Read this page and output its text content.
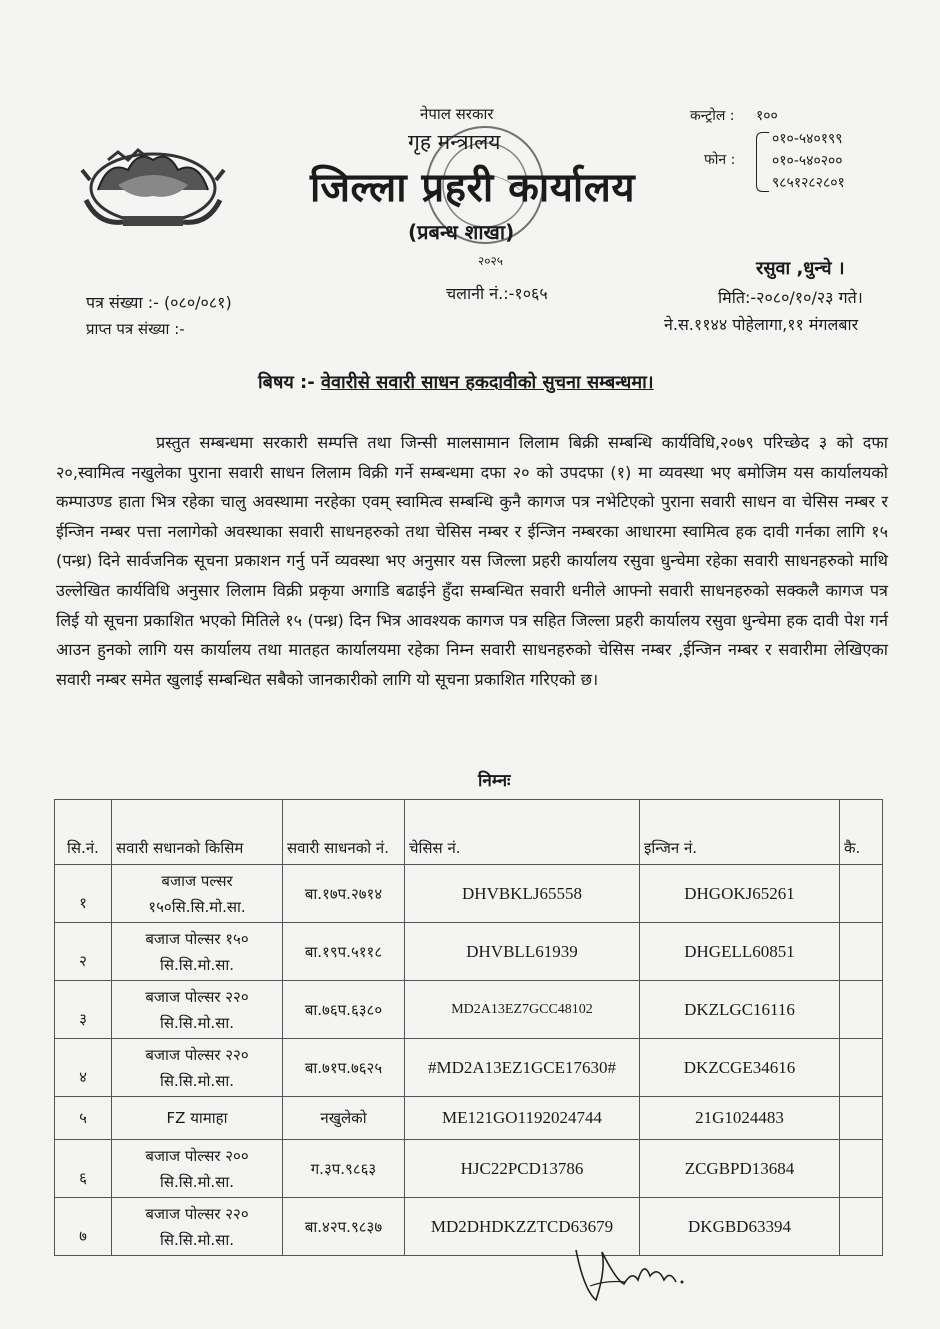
नेपाल सरकार
गृह मन्त्रालय
जिल्ला प्रहरी कार्यालय
(प्रबन्ध शाखा)
२०२५
कन्ट्रोल : १००
फोन :
०१०-५४०१९९
०१०-५४०२००
९८५१२८२८०१
रसुवा ,धुन्चे ।
मिति:-२०८०/१०/२३ गते।
ने.स.११४४ पोहेलागा,११ मंगलबार
पत्र संख्या :- (०८०/०८१)
प्राप्त पत्र संख्या :-
चलानी नं.:-१०६५
बिषय :- वेवारीसे सवारी साधन हकदावीको सुचना सम्बन्धमा।
प्रस्तुत सम्बन्धमा सरकारी सम्पत्ति तथा जिन्सी मालसामान लिलाम बिक्री सम्बन्धि कार्यविधि,२०७९ परिच्छेद ३ को दफा २०,स्वामित्व नखुलेका पुराना सवारी साधन लिलाम विक्री गर्ने सम्बन्धमा दफा २० को उपदफा (१) मा व्यवस्था भए बमोजिम यस कार्यालयको कम्पाउण्ड हाता भित्र रहेका चालु अवस्थामा नरहेका एवम् स्वामित्व सम्बन्धि कुनै कागज पत्र नभेटिएको पुराना सवारी साधन वा चेसिस नम्बर र ईन्जिन नम्बर पत्ता नलागेको अवस्थाका सवारी साधनहरुको तथा चेसिस नम्बर र ईन्जिन नम्बरका आधारमा स्वामित्व हक दावी गर्नका लागि १५ (पन्ध्र) दिने सार्वजनिक सूचना प्रकाशन गर्नु पर्ने व्यवस्था भए अनुसार यस जिल्ला प्रहरी कार्यालय रसुवा धुन्चेमा रहेका सवारी साधनहरुको माथि उल्लेखित कार्यविधि अनुसार लिलाम विक्री प्रकृया अगाडि बढाईने हुँदा सम्बन्धित सवारी धनीले आफ्नो सवारी साधनहरुको सक्कलै कागज पत्र लिई यो सूचना प्रकाशित भएको मितिले १५ (पन्ध्र) दिन भित्र आवश्यक कागज पत्र सहित जिल्ला प्रहरी कार्यालय रसुवा धुन्चेमा हक दावी पेश गर्न आउन हुनको लागि यस कार्यालय तथा मातहत कार्यालयमा रहेका निम्न सवारी साधनहरुको चेसिस नम्बर ,ईन्जिन नम्बर र सवारीमा लेखिएका सवारी नम्बर समेत खुलाई सम्बन्धित सबैको जानकारीको लागि यो सूचना प्रकाशित गरिएको छ।
निम्नः
सि.नं.	सवारी सधानको किसिम	सवारी साधनको नं.	चेसिस नं.	इन्जिन नं.	कै.

१	बजाज पल्सर
१५०सि.सि.मो.सा.	बा.१७प.२७१४	DHVBKLJ65558	DHGOKJ65261	

२	बजाज पोल्सर १५०
सि.सि.मो.सा.	बा.१९प.५११८	DHVBLL61939	DHGELL60851	

३	बजाज पोल्सर २२०
सि.सि.मो.सा.	बा.७६प.६३८०	MD2A13EZ7GCC48102	DKZLGC16116	

४	बजाज पोल्सर २२०
सि.सि.मो.सा.	बा.७१प.७६२५	#MD2A13EZ1GCE17630#	DKZCGE34616	
५	FZ यामाहा	नखुलेको	ME121GO1192024744	21G1024483	

६	बजाज पोल्सर २००
सि.सि.मो.सा.	ग.३प.९८६३	HJC22PCD13786	ZCGBPD13684	

७	बजाज पोल्सर २२०
सि.सि.मो.सा.	बा.४२प.९८३७	MD2DHDKZZTCD63679	DKGBD63394	
